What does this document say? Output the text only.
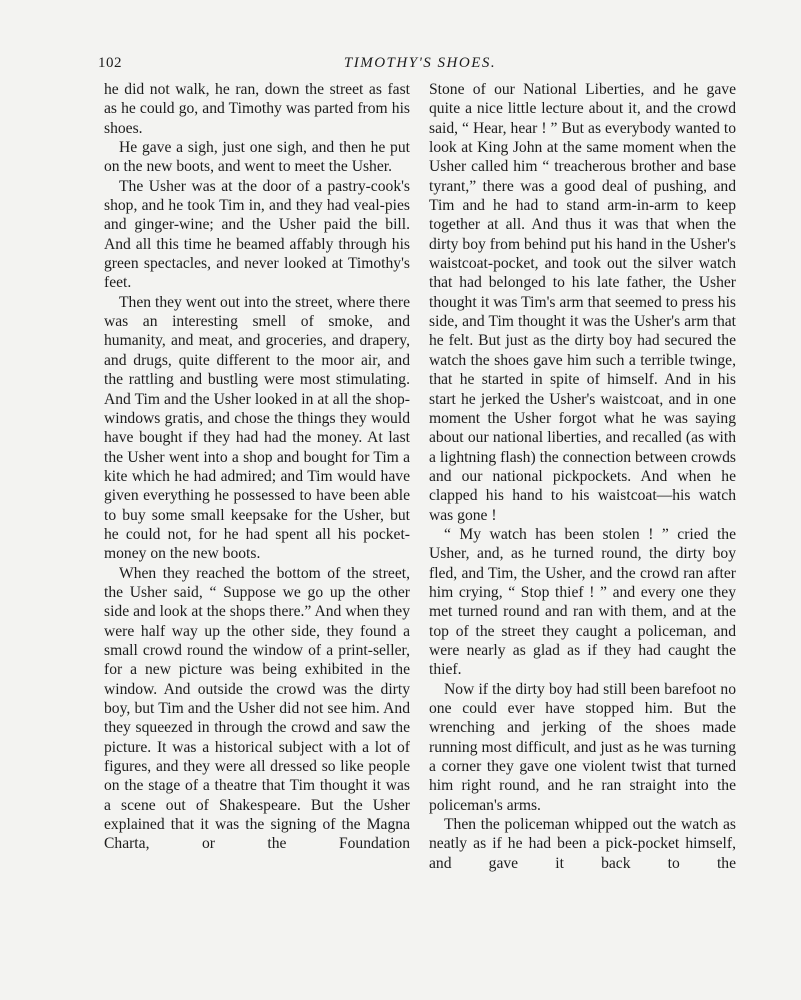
102	TIMOTHY'S SHOES.

he did not walk, he ran, down the street as fast as he could go, and Timothy was parted from his shoes.

He gave a sigh, just one sigh, and then he put on the new boots, and went to meet the Usher.

The Usher was at the door of a pastry-cook's shop, and he took Tim in, and they had veal-pies and ginger-wine; and the Usher paid the bill. And all this time he beamed affably through his green spectacles, and never looked at Timothy's feet.

Then they went out into the street, where there was an interesting smell of smoke, and humanity, and meat, and groceries, and drapery, and drugs, quite different to the moor air, and the rattling and bustling were most stimulating. And Tim and the Usher looked in at all the shop-windows gratis, and chose the things they would have bought if they had had the money. At last the Usher went into a shop and bought for Tim a kite which he had admired; and Tim would have given everything he possessed to have been able to buy some small keepsake for the Usher, but he could not, for he had spent all his pocket-money on the new boots.

When they reached the bottom of the street, the Usher said, “ Suppose we go up the other side and look at the shops there.” And when they were half way up the other side, they found a small crowd round the window of a print-seller, for a new picture was being exhibited in the window. And outside the crowd was the dirty boy, but Tim and the Usher did not see him. And they squeezed in through the crowd and saw the picture. It was a historical subject with a lot of figures, and they were all dressed so like people on the stage of a theatre that Tim thought it was a scene out of Shakespeare. But the Usher explained that it was the signing of the Magna Charta, or the Foundation

Stone of our National Liberties, and he gave quite a nice little lecture about it, and the crowd said, “ Hear, hear ! ” But as everybody wanted to look at King John at the same moment when the Usher called him “ treacherous brother and base tyrant,” there was a good deal of pushing, and Tim and he had to stand arm-in-arm to keep together at all. And thus it was that when the dirty boy from behind put his hand in the Usher's waistcoat-pocket, and took out the silver watch that had belonged to his late father, the Usher thought it was Tim's arm that seemed to press his side, and Tim thought it was the Usher's arm that he felt. But just as the dirty boy had secured the watch the shoes gave him such a terrible twinge, that he started in spite of himself. And in his start he jerked the Usher's waistcoat, and in one moment the Usher forgot what he was saying about our national liberties, and recalled (as with a lightning flash) the connection between crowds and our national pickpockets. And when he clapped his hand to his waistcoat—his watch was gone !

“ My watch has been stolen ! ” cried the Usher, and, as he turned round, the dirty boy fled, and Tim, the Usher, and the crowd ran after him crying, “ Stop thief ! ” and every one they met turned round and ran with them, and at the top of the street they caught a policeman, and were nearly as glad as if they had caught the thief.

Now if the dirty boy had still been barefoot no one could ever have stopped him. But the wrenching and jerking of the shoes made running most difficult, and just as he was turning a corner they gave one violent twist that turned him right round, and he ran straight into the policeman's arms.

Then the policeman whipped out the watch as neatly as if he had been a pick-pocket himself, and gave it back to the
